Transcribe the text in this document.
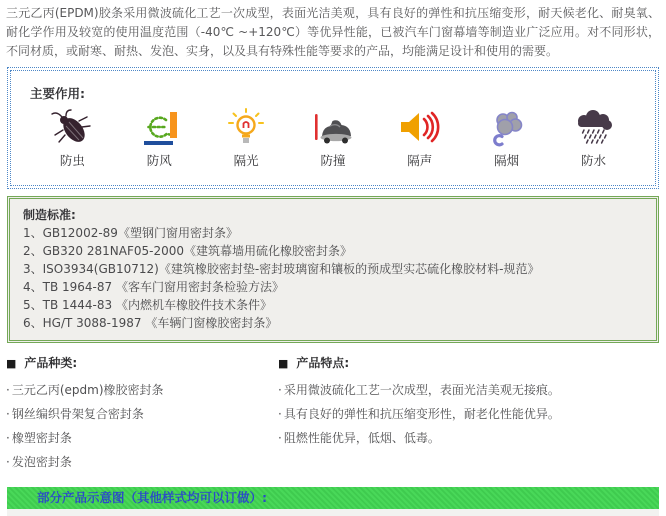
三元乙丙(EPDM)胶条采用微波硫化工艺一次成型，表面光洁美观，具有良好的弹性和抗压缩变形，耐天候老化、耐臭氧、耐化学作用及较宽的使用温度范围（-40℃ ~+120℃）等优异性能，已被汽车门窗幕墙等制造业广泛应用。对不同形状，不同材质，或耐寒、耐热、发泡、实身，以及具有特殊性能等要求的产品，均能满足设计和使用的需要。

主要作用:
防虫	防风	隔光	防撞	隔声	隔烟	防水
制造标准:
1、GB12002-89《塑钢门窗用密封条》
2、GB320 281NAF05-2000《建筑幕墙用硫化橡胶密封条》
3、ISO3934(GB10712)《建筑橡胶密封垫-密封玻璃窗和镶板的预成型实芯硫化橡胶材料-规范》
4、TB 1964-87 《客车门窗用密封条检验方法》
5、TB 1444-83 《内燃机车橡胶件技术条件》
6、HG/T 3088-1987 《车辆门窗橡胶密封条》
■ 产品种类:
· 三元乙丙(epdm)橡胶密封条
· 钢丝编织骨架复合密封条
· 橡塑密封条
· 发泡密封条
■ 产品特点:
· 采用微波硫化工艺一次成型，表面光洁美观无接痕。
· 具有良好的弹性和抗压缩变形性，耐老化性能优异。
· 阻燃性能优异，低烟、低毒。
部分产品示意图（其他样式均可以订做）:
